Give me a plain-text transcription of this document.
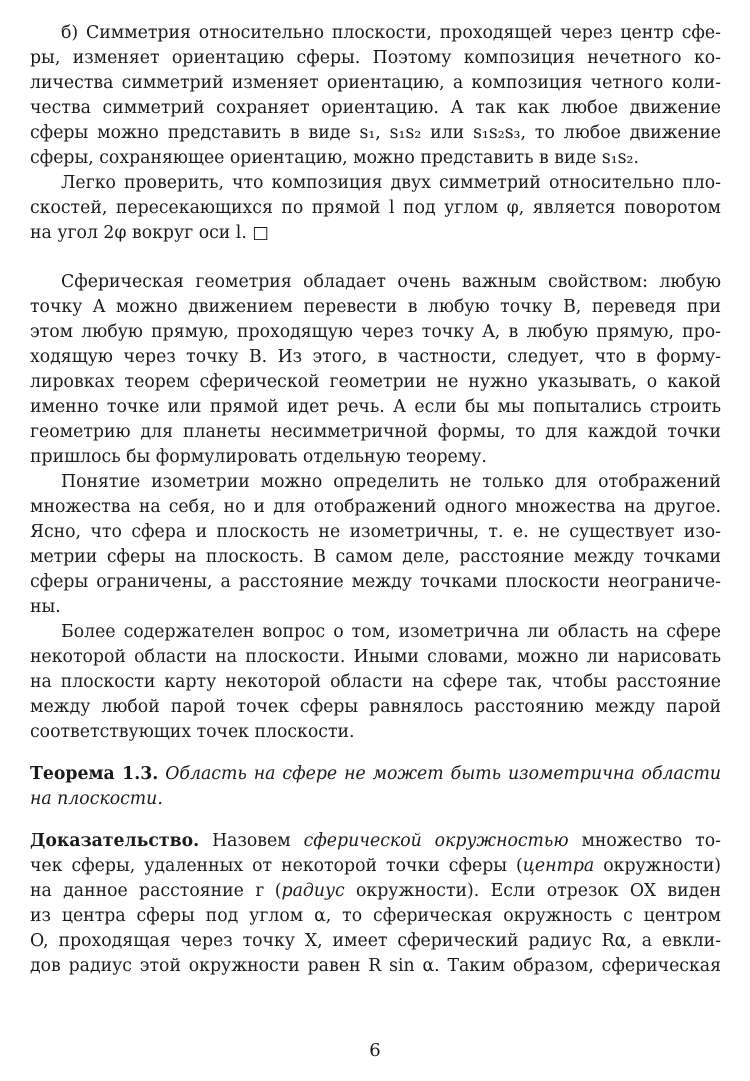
б) Симметрия относительно плоскости, проходящей через центр сфе-
ры, изменяет ориентацию сферы. Поэтому композиция нечетного ко-
личества симметрий изменяет ориентацию, а композиция четного коли-
чества симметрий сохраняет ориентацию. А так как любое движение
сферы можно представить в виде s₁, s₁s₂ или s₁s₂s₃, то любое движение
сферы, сохраняющее ориентацию, можно представить в виде s₁s₂.
Легко проверить, что композиция двух симметрий относительно пло-
скостей, пересекающихся по прямой l под углом φ, является поворотом
на угол 2φ вокруг оси l. □
Сферическая геометрия обладает очень важным свойством: любую
точку A можно движением перевести в любую точку B, переведя при
этом любую прямую, проходящую через точку A, в любую прямую, про-
ходящую через точку B. Из этого, в частности, следует, что в форму-
лировках теорем сферической геометрии не нужно указывать, о какой
именно точке или прямой идет речь. А если бы мы попытались строить
геометрию для планеты несимметричной формы, то для каждой точки
пришлось бы формулировать отдельную теорему.
Понятие изометрии можно определить не только для отображений
множества на себя, но и для отображений одного множества на другое.
Ясно, что сфера и плоскость не изометричны, т. е. не существует изо-
метрии сферы на плоскость. В самом деле, расстояние между точками
сферы ограничены, а расстояние между точками плоскости неограниче-
ны.
Более содержателен вопрос о том, изометрична ли область на сфере
некоторой области на плоскости. Иными словами, можно ли нарисовать
на плоскости карту некоторой области на сфере так, чтобы расстояние
между любой парой точек сферы равнялось расстоянию между парой
соответствующих точек плоскости.
Теорема 1.3. Область на сфере не может быть изометрична области
на плоскости.
Доказательство. Назовем сферической окружностью множество то-
чек сферы, удаленных от некоторой точки сферы (центра окружности)
на данное расстояние r (радиус окружности). Если отрезок OX виден
из центра сферы под углом α, то сферическая окружность с центром
O, проходящая через точку X, имеет сферический радиус Rα, а евкли-
дов радиус этой окружности равен R sin α. Таким образом, сферическая
6
